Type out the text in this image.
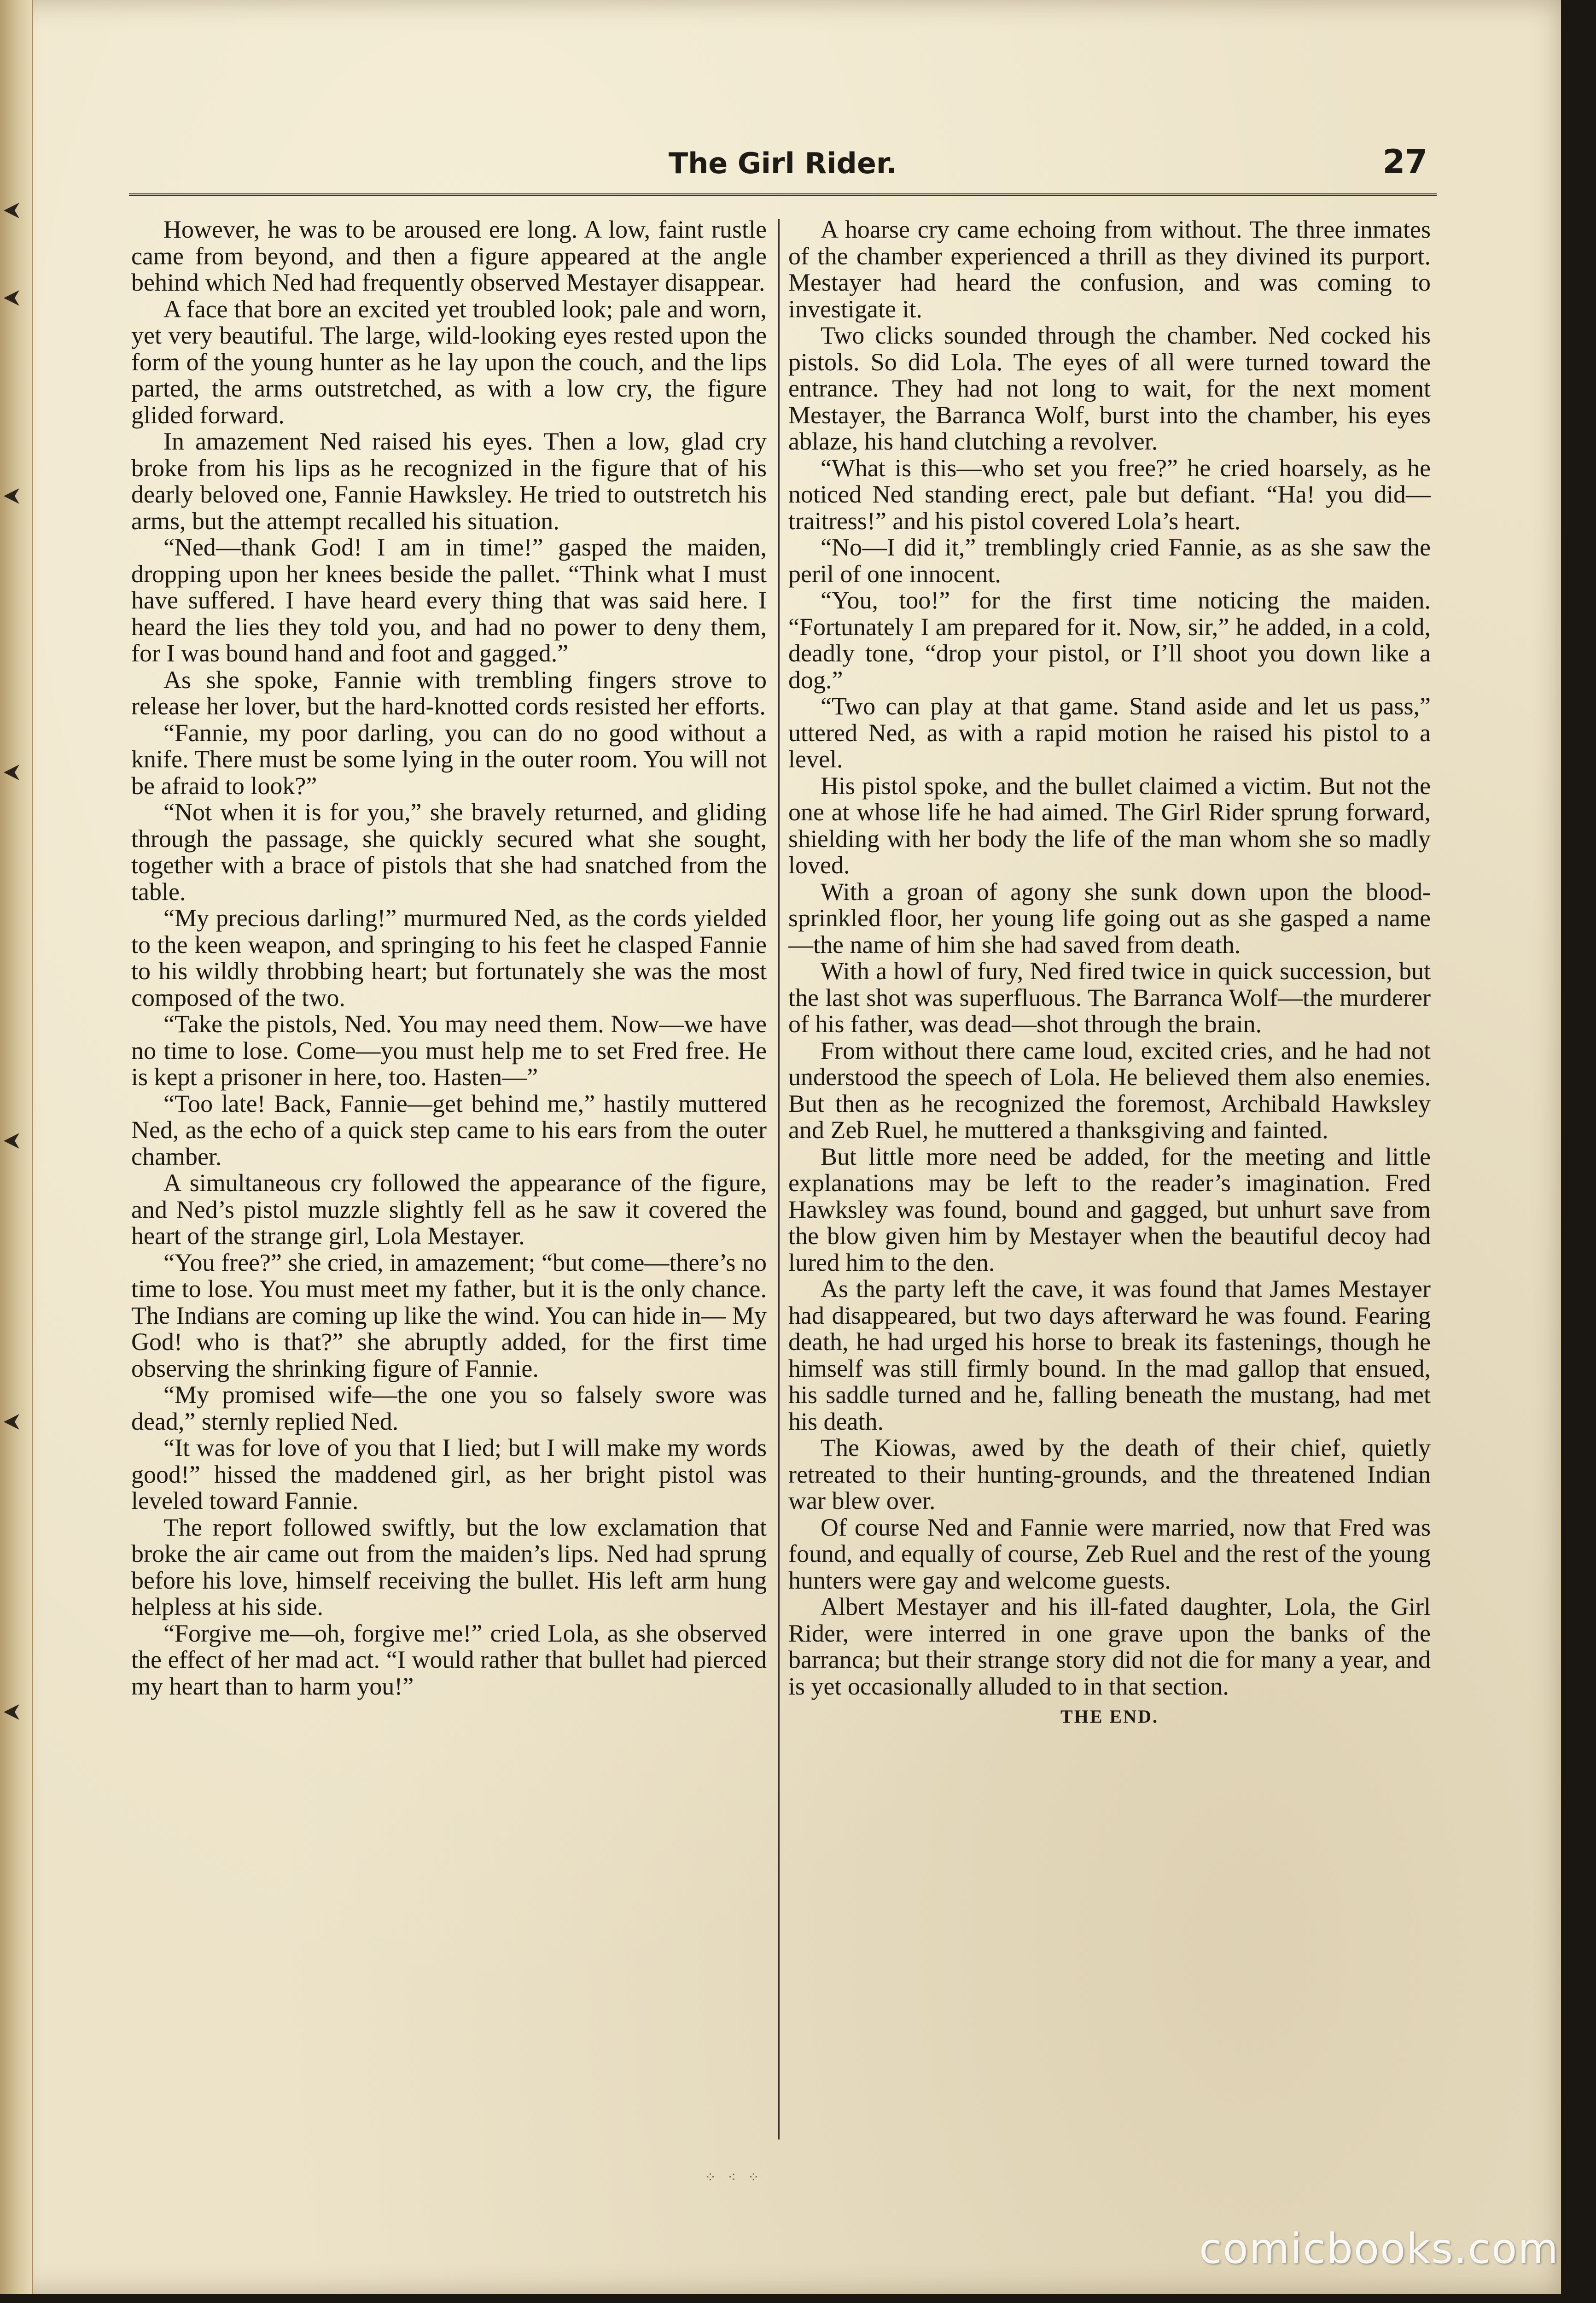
The Girl Rider.	27

However, he was to be aroused ere long. A low, faint rustle came from beyond, and then a figure appeared at the angle behind which Ned had frequently observed Mestayer disappear.

A face that bore an excited yet troubled look; pale and worn, yet very beautiful. The large, wild-looking eyes rested upon the form of the young hunter as he lay upon the couch, and the lips parted, the arms outstretched, as with a low cry, the figure glided forward.

In amazement Ned raised his eyes. Then a low, glad cry broke from his lips as he recognized in the figure that of his dearly beloved one, Fannie Hawksley. He tried to outstretch his arms, but the attempt recalled his situation.

“Ned—thank God! I am in time!” gasped the maiden, dropping upon her knees beside the pallet. “Think what I must have suffered. I have heard every thing that was said here. I heard the lies they told you, and had no power to deny them, for I was bound hand and foot and gagged.”

As she spoke, Fannie with trembling fingers strove to release her lover, but the hard-knotted cords resisted her efforts.

“Fannie, my poor darling, you can do no good without a knife. There must be some lying in the outer room. You will not be afraid to look?”

“Not when it is for you,” she bravely returned, and gliding through the passage, she quickly secured what she sought, together with a brace of pistols that she had snatched from the table.

“My precious darling!” murmured Ned, as the cords yielded to the keen weapon, and springing to his feet he clasped Fannie to his wildly throbbing heart; but fortunately she was the most composed of the two.

“Take the pistols, Ned. You may need them. Now—we have no time to lose. Come—you must help me to set Fred free. He is kept a prisoner in here, too. Hasten—”

“Too late! Back, Fannie—get behind me,” hastily muttered Ned, as the echo of a quick step came to his ears from the outer chamber.

A simultaneous cry followed the appearance of the figure, and Ned’s pistol muzzle slightly fell as he saw it covered the heart of the strange girl, Lola Mestayer.

“You free?” she cried, in amazement; “but come—there’s no time to lose. You must meet my father, but it is the only chance. The Indians are coming up like the wind. You can hide in— My God! who is that?” she abruptly added, for the first time observing the shrinking figure of Fannie.

“My promised wife—the one you so falsely swore was dead,” sternly replied Ned.

“It was for love of you that I lied; but I will make my words good!” hissed the maddened girl, as her bright pistol was leveled toward Fannie.

The report followed swiftly, but the low exclamation that broke the air came out from the maiden’s lips. Ned had sprung before his love, himself receiving the bullet. His left arm hung helpless at his side.

“Forgive me—oh, forgive me!” cried Lola, as she observed the effect of her mad act. “I would rather that bullet had pierced my heart than to harm you!”

A hoarse cry came echoing from without. The three inmates of the chamber experienced a thrill as they divined its purport. Mestayer had heard the confusion, and was coming to investigate it.

Two clicks sounded through the chamber. Ned cocked his pistols. So did Lola. The eyes of all were turned toward the entrance. They had not long to wait, for the next moment Mestayer, the Barranca Wolf, burst into the chamber, his eyes ablaze, his hand clutching a revolver.

“What is this—who set you free?” he cried hoarsely, as he noticed Ned standing erect, pale but defiant. “Ha! you did—traitress!” and his pistol covered Lola’s heart.

“No—I did it,” tremblingly cried Fannie, as as she saw the peril of one innocent.

“You, too!” for the first time noticing the maiden. “Fortunately I am prepared for it. Now, sir,” he added, in a cold, deadly tone, “drop your pistol, or I’ll shoot you down like a dog.”

“Two can play at that game. Stand aside and let us pass,” uttered Ned, as with a rapid motion he raised his pistol to a level.

His pistol spoke, and the bullet claimed a victim. But not the one at whose life he had aimed. The Girl Rider sprung forward, shielding with her body the life of the man whom she so madly loved.

With a groan of agony she sunk down upon the blood-sprinkled floor, her young life going out as she gasped a name—the name of him she had saved from death.

With a howl of fury, Ned fired twice in quick succession, but the last shot was superfluous. The Barranca Wolf—the murderer of his father, was dead—shot through the brain.

From without there came loud, excited cries, and he had not understood the speech of Lola. He believed them also enemies. But then as he recognized the foremost, Archibald Hawksley and Zeb Ruel, he muttered a thanksgiving and fainted.

But little more need be added, for the meeting and little explanations may be left to the reader’s imagination. Fred Hawksley was found, bound and gagged, but unhurt save from the blow given him by Mestayer when the beautiful decoy had lured him to the den.

As the party left the cave, it was found that James Mestayer had disappeared, but two days afterward he was found. Fearing death, he had urged his horse to break its fastenings, though he himself was still firmly bound. In the mad gallop that ensued, his saddle turned and he, falling beneath the mustang, had met his death.

The Kiowas, awed by the death of their chief, quietly retreated to their hunting-grounds, and the threatened Indian war blew over.

Of course Ned and Fannie were married, now that Fred was found, and equally of course, Zeb Ruel and the rest of the young hunters were gay and welcome guests.

Albert Mestayer and his ill-fated daughter, Lola, the Girl Rider, were interred in one grave upon the banks of the barranca; but their strange story did not die for many a year, and is yet occasionally alluded to in that section.

THE END.

⁘ ⁖ ⁘
comicbooks.com
